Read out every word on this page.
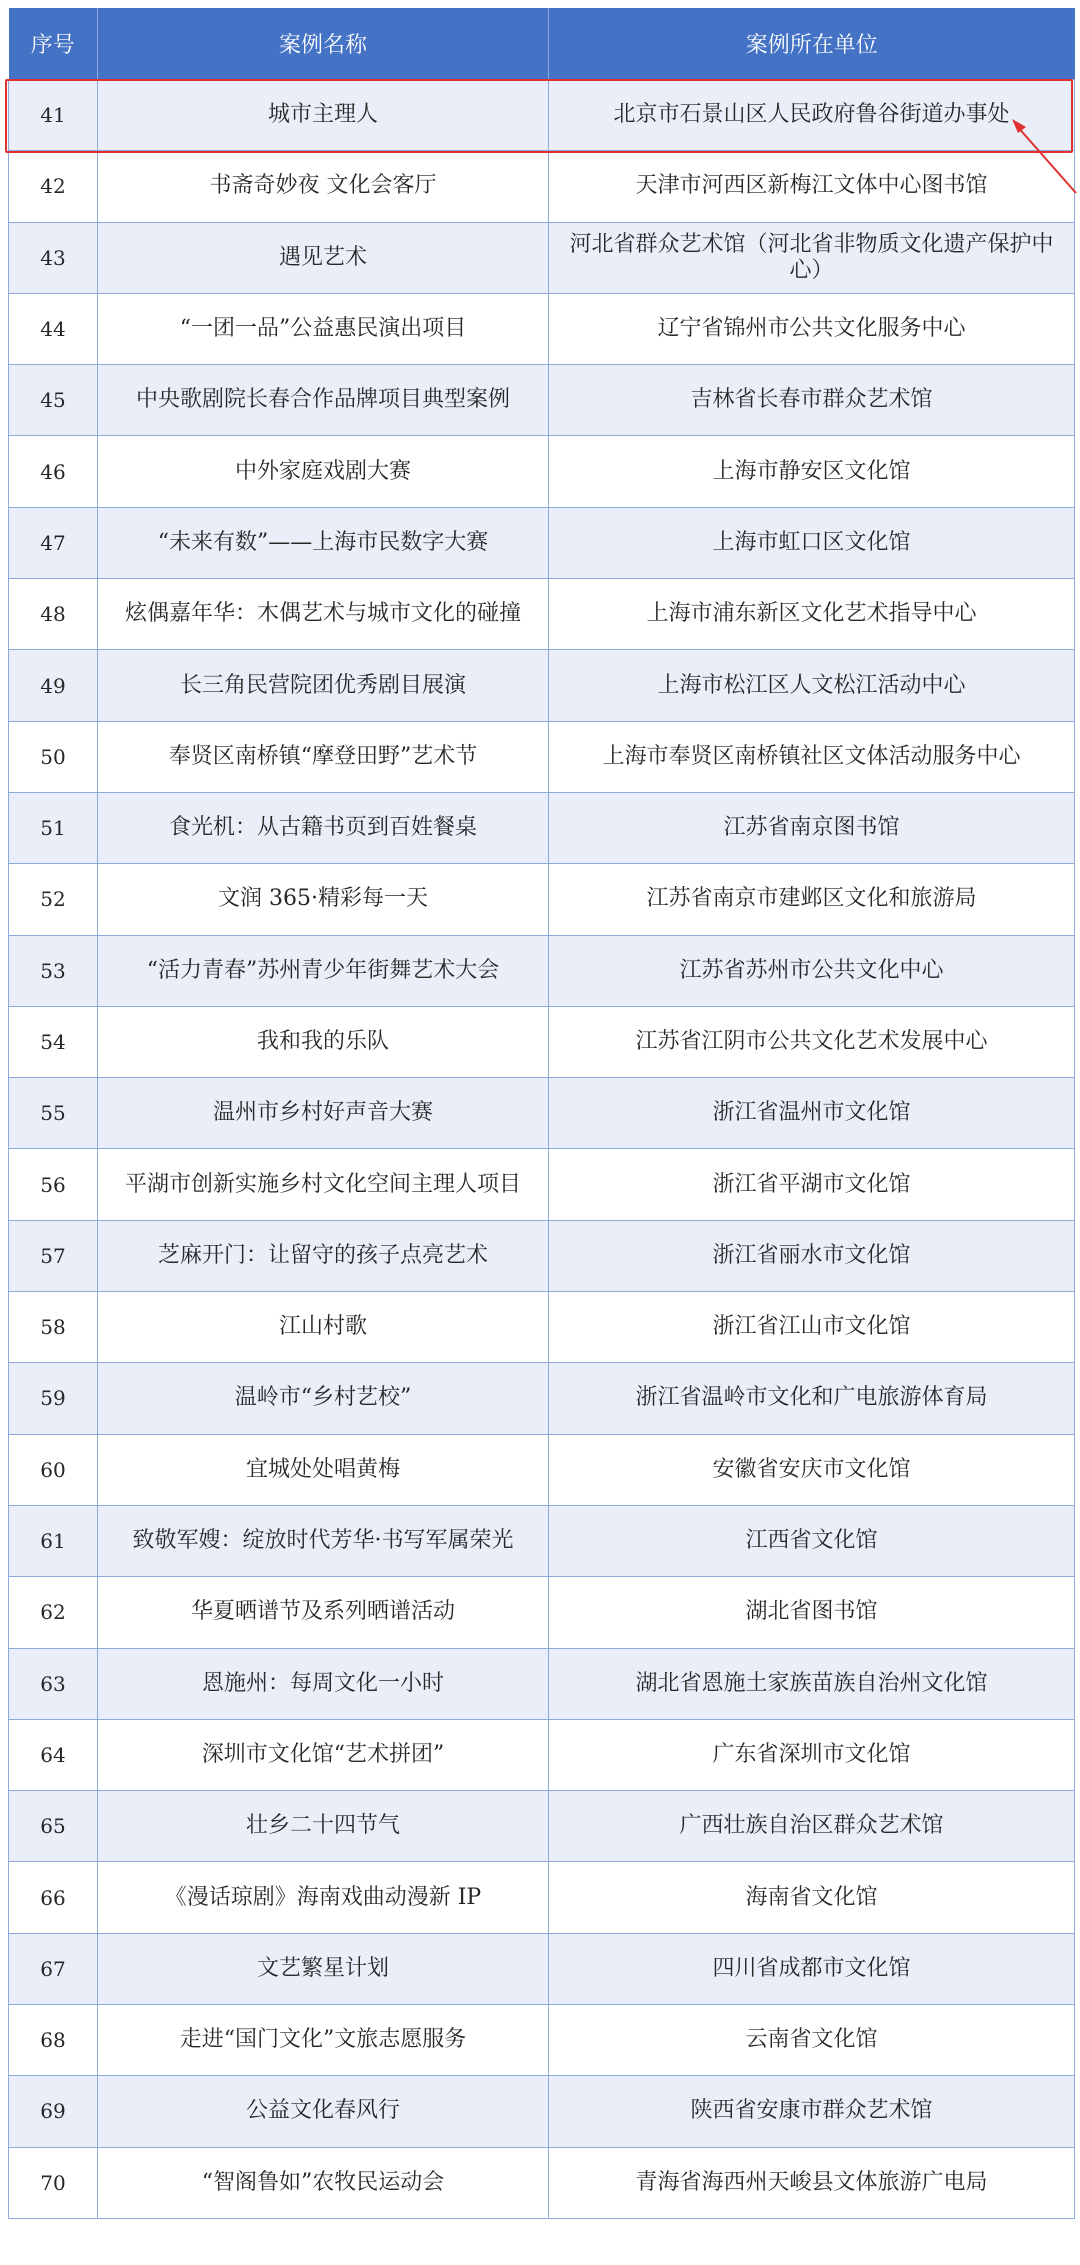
序号	案例名称	案例所在单位
41	城市主理人	北京市石景山区人民政府鲁谷街道办事处
42	书斋奇妙夜 文化会客厅	天津市河西区新梅江文体中心图书馆
43	遇见艺术	河北省群众艺术馆（河北省非物质文化遗产保护中心）
44	“一团一品”公益惠民演出项目	辽宁省锦州市公共文化服务中心
45	中央歌剧院长春合作品牌项目典型案例	吉林省长春市群众艺术馆
46	中外家庭戏剧大赛	上海市静安区文化馆
47	“未来有数”——上海市民数字大赛	上海市虹口区文化馆
48	炫偶嘉年华：木偶艺术与城市文化的碰撞	上海市浦东新区文化艺术指导中心
49	长三角民营院团优秀剧目展演	上海市松江区人文松江活动中心
50	奉贤区南桥镇“摩登田野”艺术节	上海市奉贤区南桥镇社区文体活动服务中心
51	食光机：从古籍书页到百姓餐桌	江苏省南京图书馆
52	文润 365·精彩每一天	江苏省南京市建邺区文化和旅游局
53	“活力青春”苏州青少年街舞艺术大会	江苏省苏州市公共文化中心
54	我和我的乐队	江苏省江阴市公共文化艺术发展中心
55	温州市乡村好声音大赛	浙江省温州市文化馆
56	平湖市创新实施乡村文化空间主理人项目	浙江省平湖市文化馆
57	芝麻开门：让留守的孩子点亮艺术	浙江省丽水市文化馆
58	江山村歌	浙江省江山市文化馆
59	温岭市“乡村艺校”	浙江省温岭市文化和广电旅游体育局
60	宜城处处唱黄梅	安徽省安庆市文化馆
61	致敬军嫂：绽放时代芳华·书写军属荣光	江西省文化馆
62	华夏晒谱节及系列晒谱活动	湖北省图书馆
63	恩施州：每周文化一小时	湖北省恩施土家族苗族自治州文化馆
64	深圳市文化馆“艺术拼团”	广东省深圳市文化馆
65	壮乡二十四节气	广西壮族自治区群众艺术馆
66	《漫话琼剧》海南戏曲动漫新 IP	海南省文化馆
67	文艺繁星计划	四川省成都市文化馆
68	走进“国门文化”文旅志愿服务	云南省文化馆
69	公益文化春风行	陕西省安康市群众艺术馆
70	“智阁鲁如”农牧民运动会	青海省海西州天峻县文体旅游广电局
